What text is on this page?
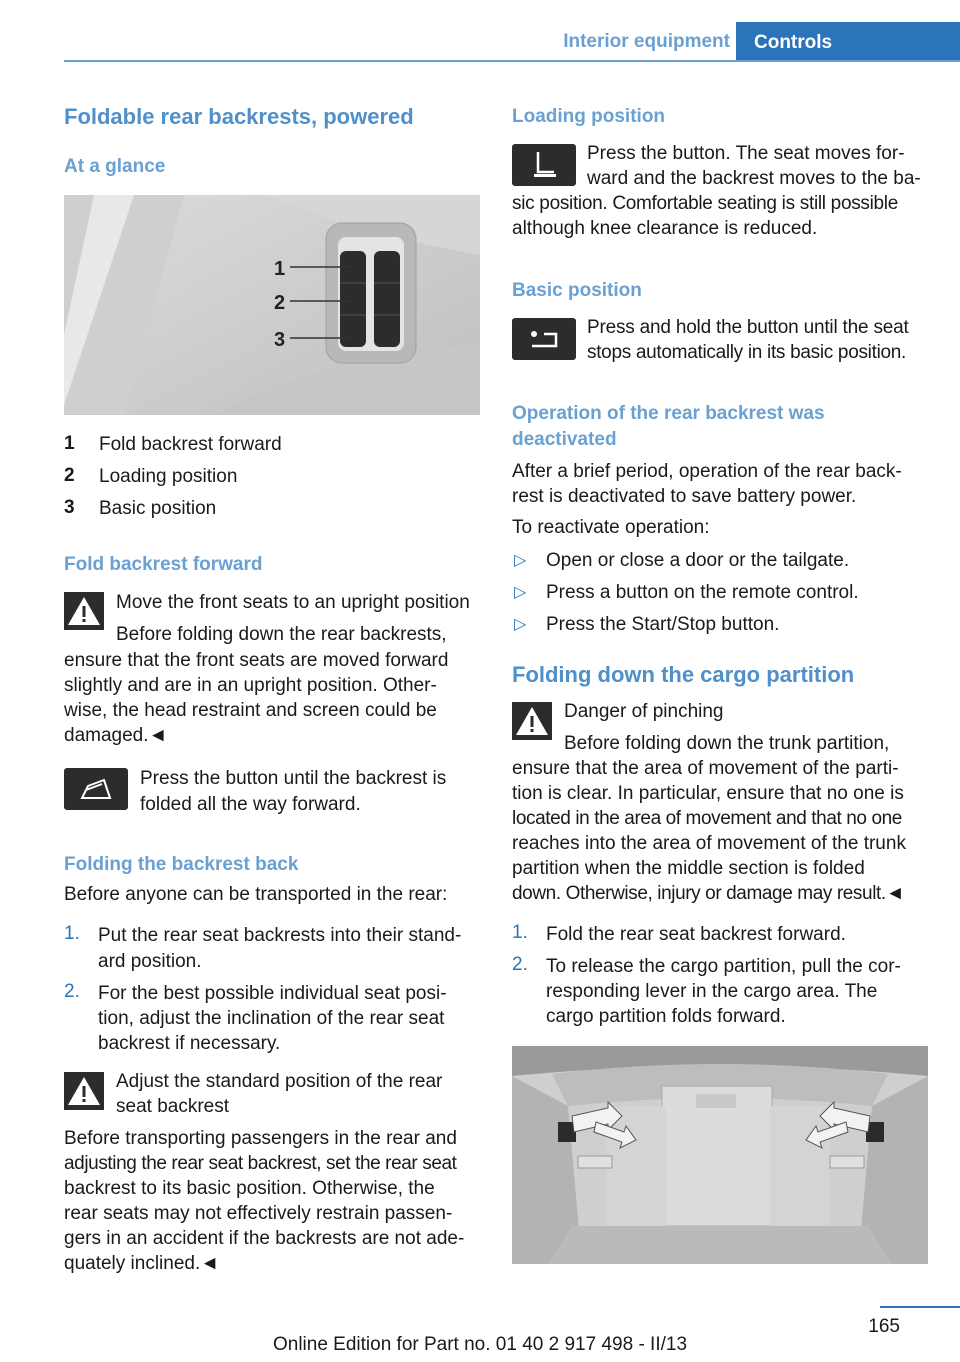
Interior equipment	Controls
Foldable rear backrests, powered
At a glance
1
2
3
1	Fold backrest forward
2	Loading position
3	Basic position
Fold backrest forward
Move the front seats to an upright position
Before folding down the rear backrests,
ensure that the front seats are moved forward
slightly and are in an upright position. Other-
wise, the head restraint and screen could be
damaged.◄
Press the button until the backrest is
folded all the way forward.
Folding the backrest back
Before anyone can be transported in the rear:
1. Put the rear seat backrests into their stand-
ard position.
2. For the best possible individual seat posi-
tion, adjust the inclination of the rear seat
backrest if necessary.
Adjust the standard position of the rear
seat backrest
Before transporting passengers in the rear and
adjusting the rear seat backrest, set the rear seat
backrest to its basic position. Otherwise, the
rear seats may not effectively restrain passen-
gers in an accident if the backrests are not ade-
quately inclined.◄
Loading position
Press the button. The seat moves for-
ward and the backrest moves to the ba-
sic position. Comfortable seating is still possible
although knee clearance is reduced.
Basic position
Press and hold the button until the seat
stops automatically in its basic position.
Operation of the rear backrest was
deactivated
After a brief period, operation of the rear back-
rest is deactivated to save battery power.
To reactivate operation:
▷ Open or close a door or the tailgate.
▷ Press a button on the remote control.
▷ Press the Start/Stop button.
Folding down the cargo partition
Danger of pinching
Before folding down the trunk partition,
ensure that the area of movement of the parti-
tion is clear. In particular, ensure that no one is
located in the area of movement and that no one
reaches into the area of movement of the trunk
partition when the middle section is folded
down. Otherwise, injury or damage may result.◄
1. Fold the rear seat backrest forward.
2. To release the cargo partition, pull the cor-
responding lever in the cargo area. The
cargo partition folds forward.
165
Online Edition for Part no. 01 40 2 917 498 - II/13
